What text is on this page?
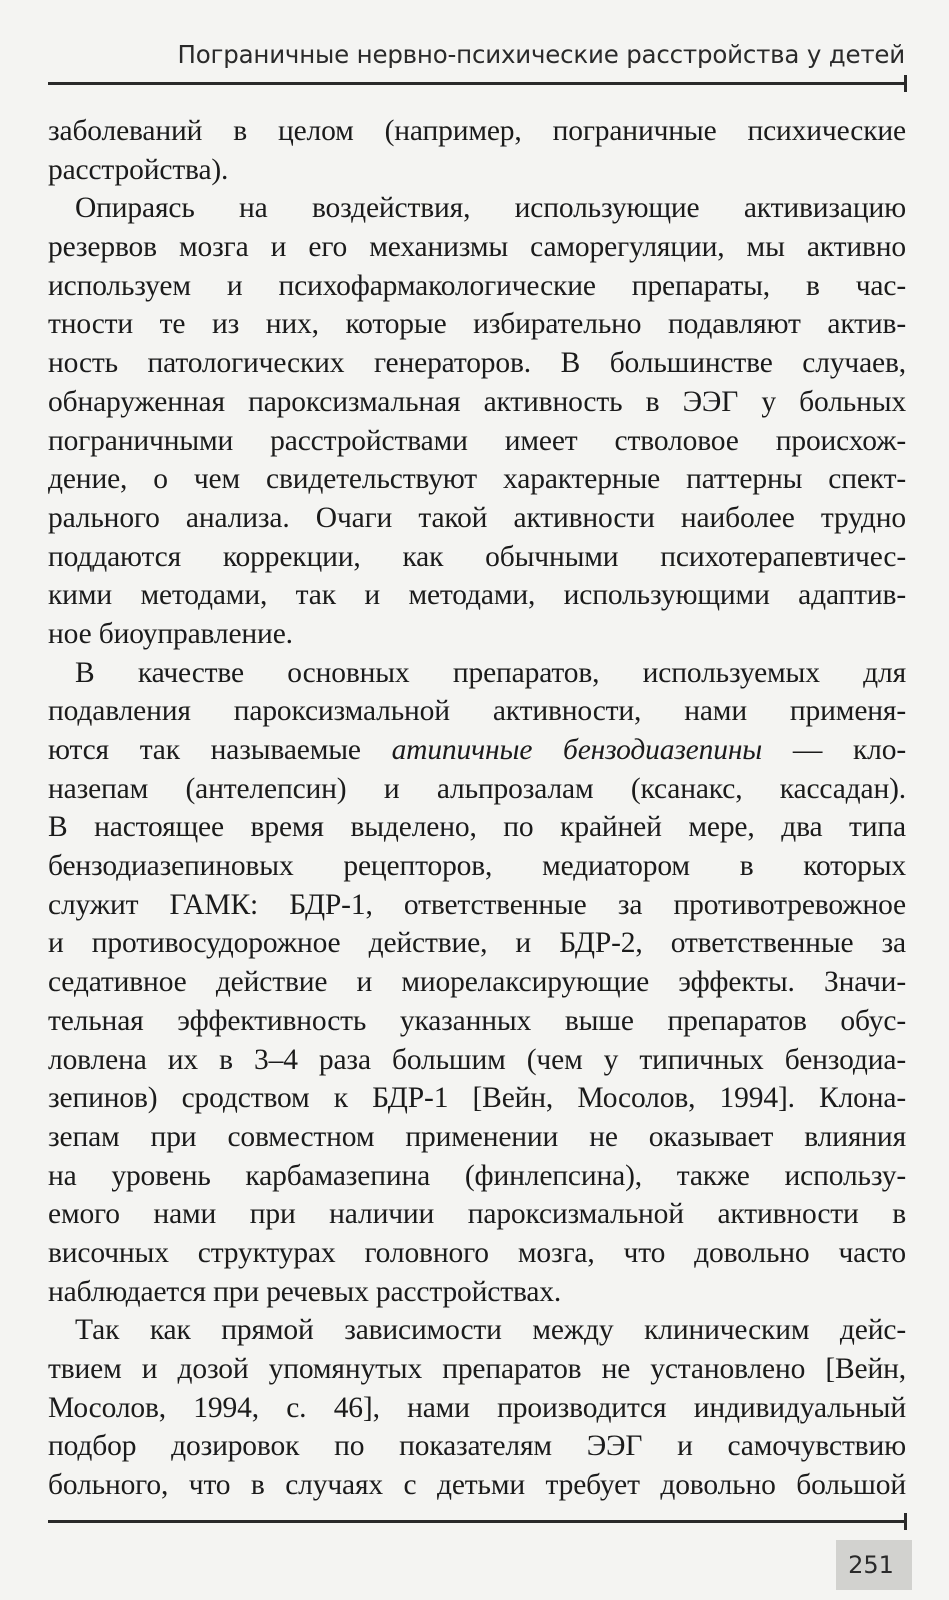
Пограничные нервно-психические расстройства у детей
заболеваний в целом (например, пограничные психические
расстройства).
Опираясь на воздействия, использующие активизацию
резервов мозга и его механизмы саморегуляции, мы активно
используем и психофармакологические препараты, в час-
тности те из них, которые избирательно подавляют актив-
ность патологических генераторов. В большинстве случаев,
обнаруженная пароксизмальная активность в ЭЭГ у больных
пограничными расстройствами имеет стволовое происхож-
дение, о чем свидетельствуют характерные паттерны спект-
рального анализа. Очаги такой активности наиболее трудно
поддаются коррекции, как обычными психотерапевтичес-
кими методами, так и методами, использующими адаптив-
ное биоуправление.
В качестве основных препаратов, используемых для
подавления пароксизмальной активности, нами применя-
ются так называемые атипичные бензодиазепины — кло-
назепам (антелепсин) и альпрозалам (ксанакс, кассадан).
В настоящее время выделено, по крайней мере, два типа
бензодиазепиновых рецепторов, медиатором в которых
служит ГАМК: БДР-1, ответственные за противотревожное
и противосудорожное действие, и БДР-2, ответственные за
седативное действие и миорелаксирующие эффекты. Значи-
тельная эффективность указанных выше препаратов обус-
ловлена их в 3–4 раза большим (чем у типичных бензодиа-
зепинов) сродством к БДР-1 [Вейн, Мосолов, 1994]. Клона-
зепам при совместном применении не оказывает влияния
на уровень карбамазепина (финлепсина), также использу-
емого нами при наличии пароксизмальной активности в
височных структурах головного мозга, что довольно часто
наблюдается при речевых расстройствах.
Так как прямой зависимости между клиническим дейс-
твием и дозой упомянутых препаратов не установлено [Вейн,
Мосолов, 1994, с. 46], нами производится индивидуальный
подбор дозировок по показателям ЭЭГ и самочувствию
больного, что в случаях с детьми требует довольно большой
251
